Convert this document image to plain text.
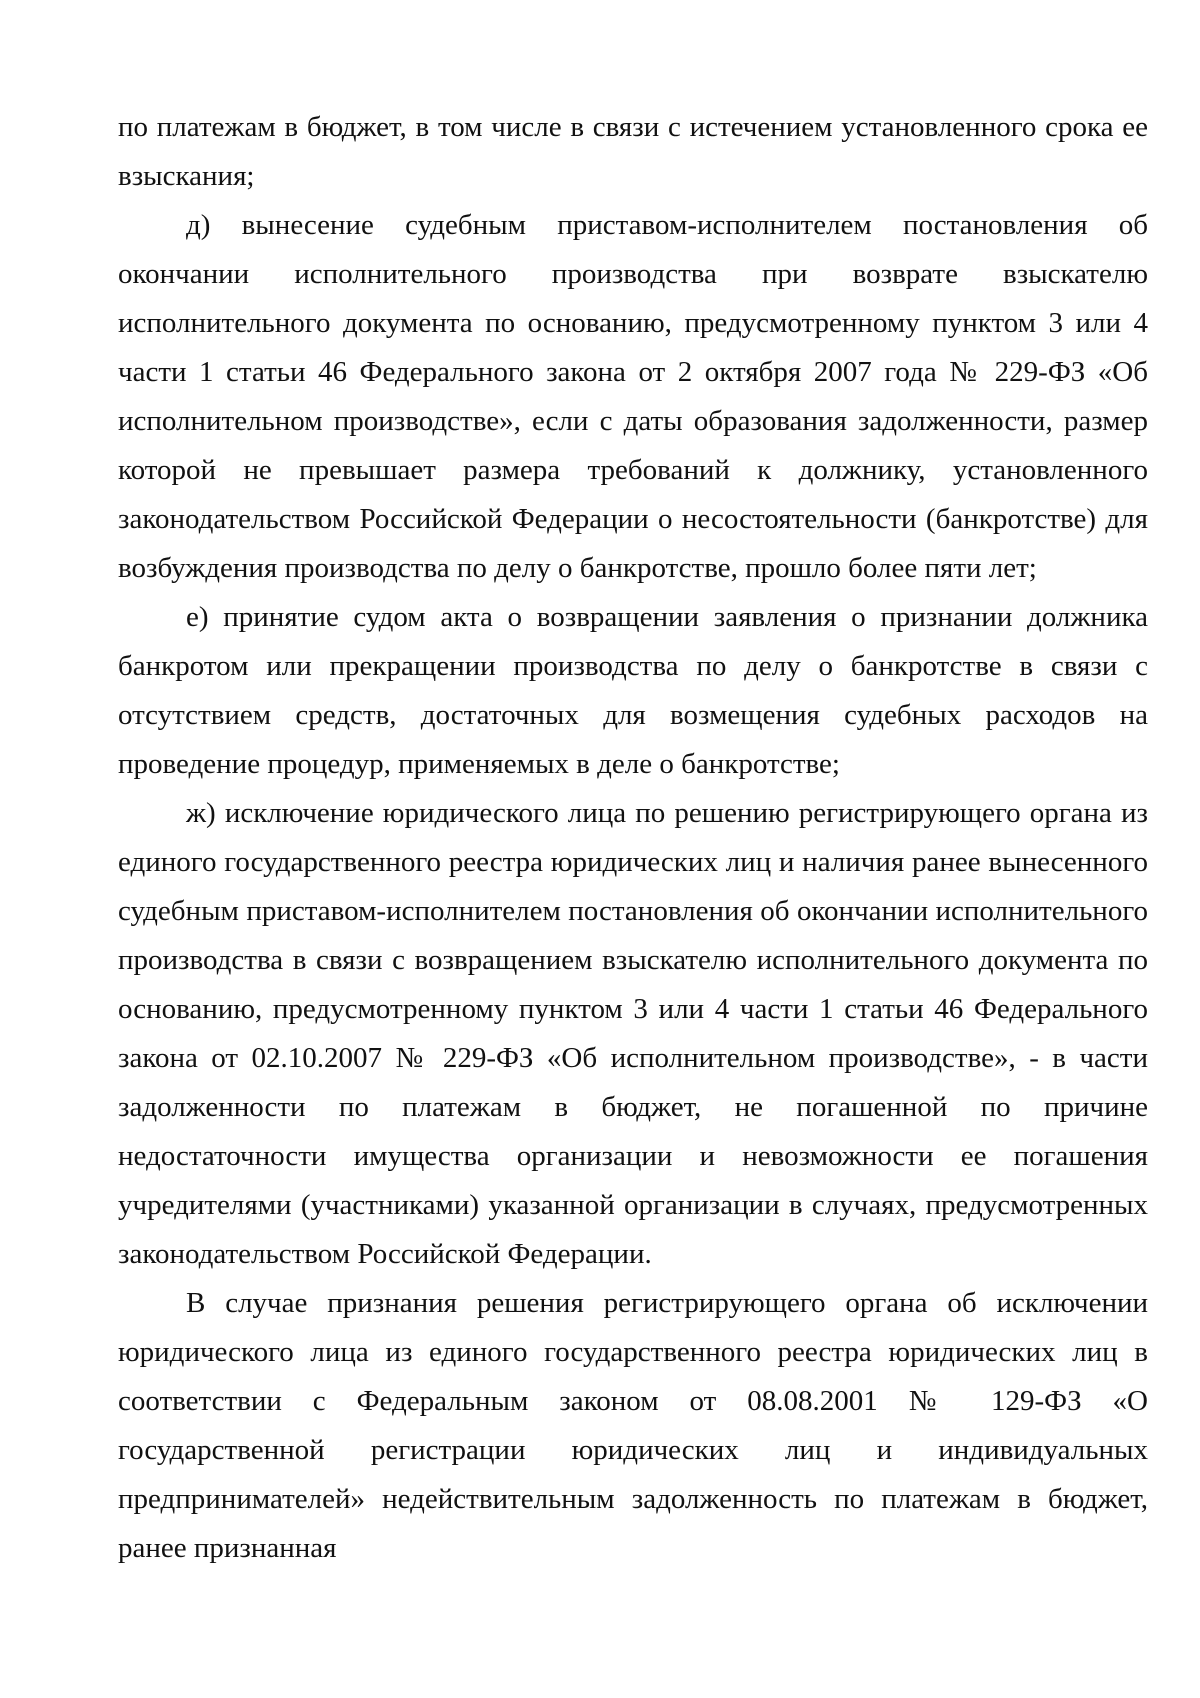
по платежам в бюджет, в том числе в связи с истечением установленного срока ее взыскания;

д) вынесение судебным приставом-исполнителем постановления об окончании исполнительного производства при возврате взыскателю исполнительного документа по основанию, предусмотренному пунктом 3 или 4 части 1 статьи 46 Федерального закона от 2 октября 2007 года № 229-ФЗ «Об исполнительном производстве», если с даты образования задолженности, размер которой не превышает размера требований к должнику, установленного законодательством Российской Федерации о несостоятельности (банкротстве) для возбуждения производства по делу о банкротстве, прошло более пяти лет;

е) принятие судом акта о возвращении заявления о признании должника банкротом или прекращении производства по делу о банкротстве в связи с отсутствием средств, достаточных для возмещения судебных расходов на проведение процедур, применяемых в деле о банкротстве;

ж) исключение юридического лица по решению регистрирующего органа из единого государственного реестра юридических лиц и наличия ранее вынесенного судебным приставом-исполнителем постановления об окончании исполнительного производства в связи с возвращением взыскателю исполнительного документа по основанию, предусмотренному пунктом 3 или 4 части 1 статьи 46 Федерального закона от 02.10.2007 № 229-ФЗ «Об исполнительном производстве», - в части задолженности по платежам в бюджет, не погашенной по причине недостаточности имущества организации и невозможности ее погашения учредителями (участниками) указанной организации в случаях, предусмотренных законодательством Российской Федерации.

В случае признания решения регистрирующего органа об исключении юридического лица из единого государственного реестра юридических лиц в соответствии с Федеральным законом от 08.08.2001 № 129-ФЗ «О государственной регистрации юридических лиц и индивидуальных предпринимателей» недействительным задолженность по платежам в бюджет, ранее признанная
